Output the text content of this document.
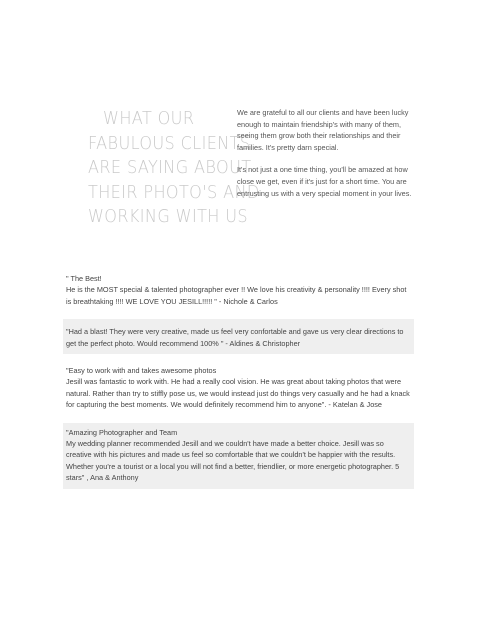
WHAT OUR
FABULOUS CLIENTS
ARE SAYING ABOUT
THEIR PHOTO'S AND
WORKING WITH US

We are grateful to all our clients and have been lucky enough to maintain friendship's with many of them, seeing them grow both their relationships and their families. It's pretty darn special.

It's not just a one time thing, you'll be amazed at how close we get, even if it's just for a short time. You are entrusting us with a very special moment in your lives.

" The Best!
He is the MOST special & talented photographer ever !! We love his creativity & personality !!!! Every shot is breathtaking !!!! WE LOVE YOU JESILL!!!!! " - Nichole & Carlos
"Had a blast! They were very creative, made us feel very confortable and gave us very clear directions to get the perfect photo. Would recommend 100% " - Aldines & Christopher
"Easy to work with and takes awesome photos
Jesill was fantastic to work with. He had a really cool vision. He was great about taking photos that were natural. Rather than try to stiffly pose us, we would instead just do things very casually and he had a knack for capturing the best moments. We would definitely recommend him to anyone". - Katelan & Jose
"Amazing Photographer and Team
My wedding planner recommended Jesill and we couldn't have made a better choice. Jesill was so creative with his pictures and made us feel so comfortable that we couldn't be happier with the results. Whether you're a tourist or a local you will not find a better, friendlier, or more energetic photographer. 5 stars" , Ana & Anthony
